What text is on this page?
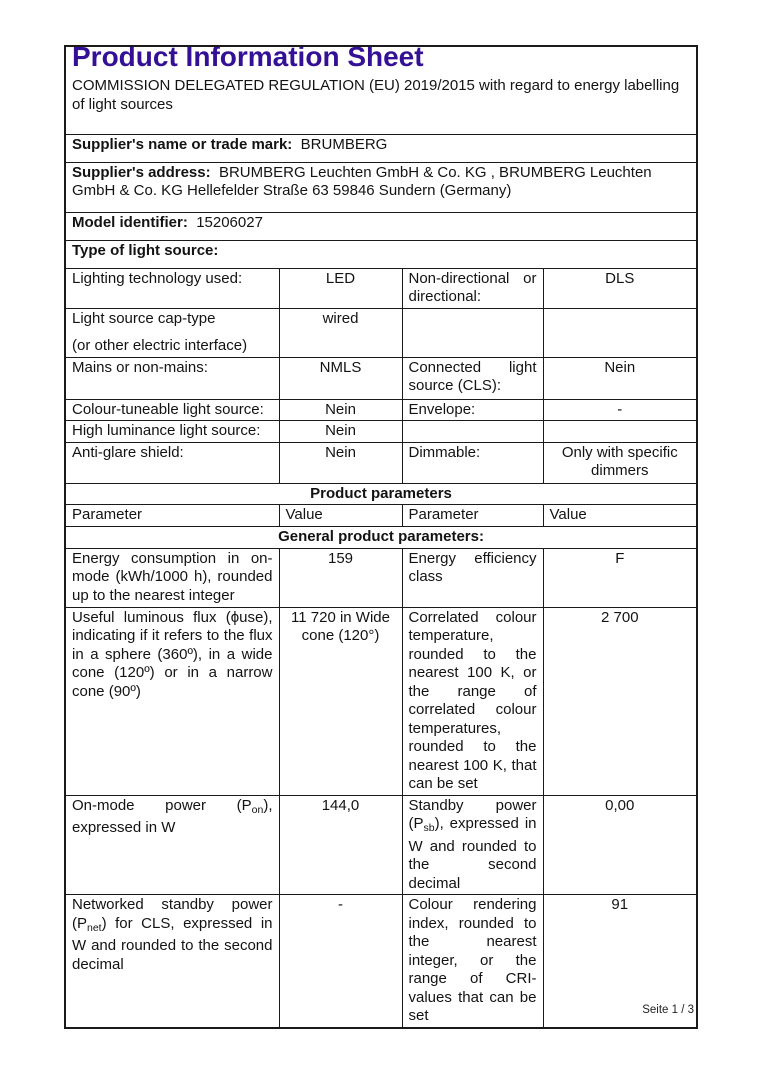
Product Information Sheet
COMMISSION DELEGATED REGULATION (EU) 2019/2015 with regard to energy labelling of light sources			

Supplier's name or trade mark: BRUMBERG			
Supplier's address: BRUMBERG Leuchten GmbH & Co. KG , BRUMBERG Leuchten GmbH & Co. KG Hellefelder Straße 63 59846 Sundern (Germany)			
Model identifier: 15206027			
Type of light source:			
Lighting technology used:	LED	Non-directional or directional:	DLS

Light source cap-type
(or other electric interface)	wired		
Mains or non-mains:	NMLS	Connected light source (CLS):	Nein
Colour-tuneable light source:	Nein	Envelope:	-
High luminance light source:	Nein		
Anti-glare shield:	Nein	Dimmable:	Only with specific dimmers
Product parameters			
Parameter	Value	Parameter	Value
General product parameters:			
Energy consumption in on-mode (kWh/1000 h), rounded up to the nearest integer	159	Energy efficiency class	F
Useful luminous flux (ϕuse), indicating if it refers to the flux in a sphere (360º), in a wide cone (120º) or in a narrow cone (90º)	11 720 in Wide cone (120°)	Correlated colour temperature, rounded to the nearest 100 K, or the range of correlated colour temperatures, rounded to the nearest 100 K, that can be set	2 700
On-mode power $(P_{on})$, expressed in W	144,0	Standby power $(P_{sb})$, expressed in W and rounded to the second decimal	0,00
Networked standby power $(P_{net})$ for CLS, expressed in W and rounded to the second decimal	-	Colour rendering index, rounded to the nearest integer, or the range of CRI-values that can be set	91
Seite 1 / 3
